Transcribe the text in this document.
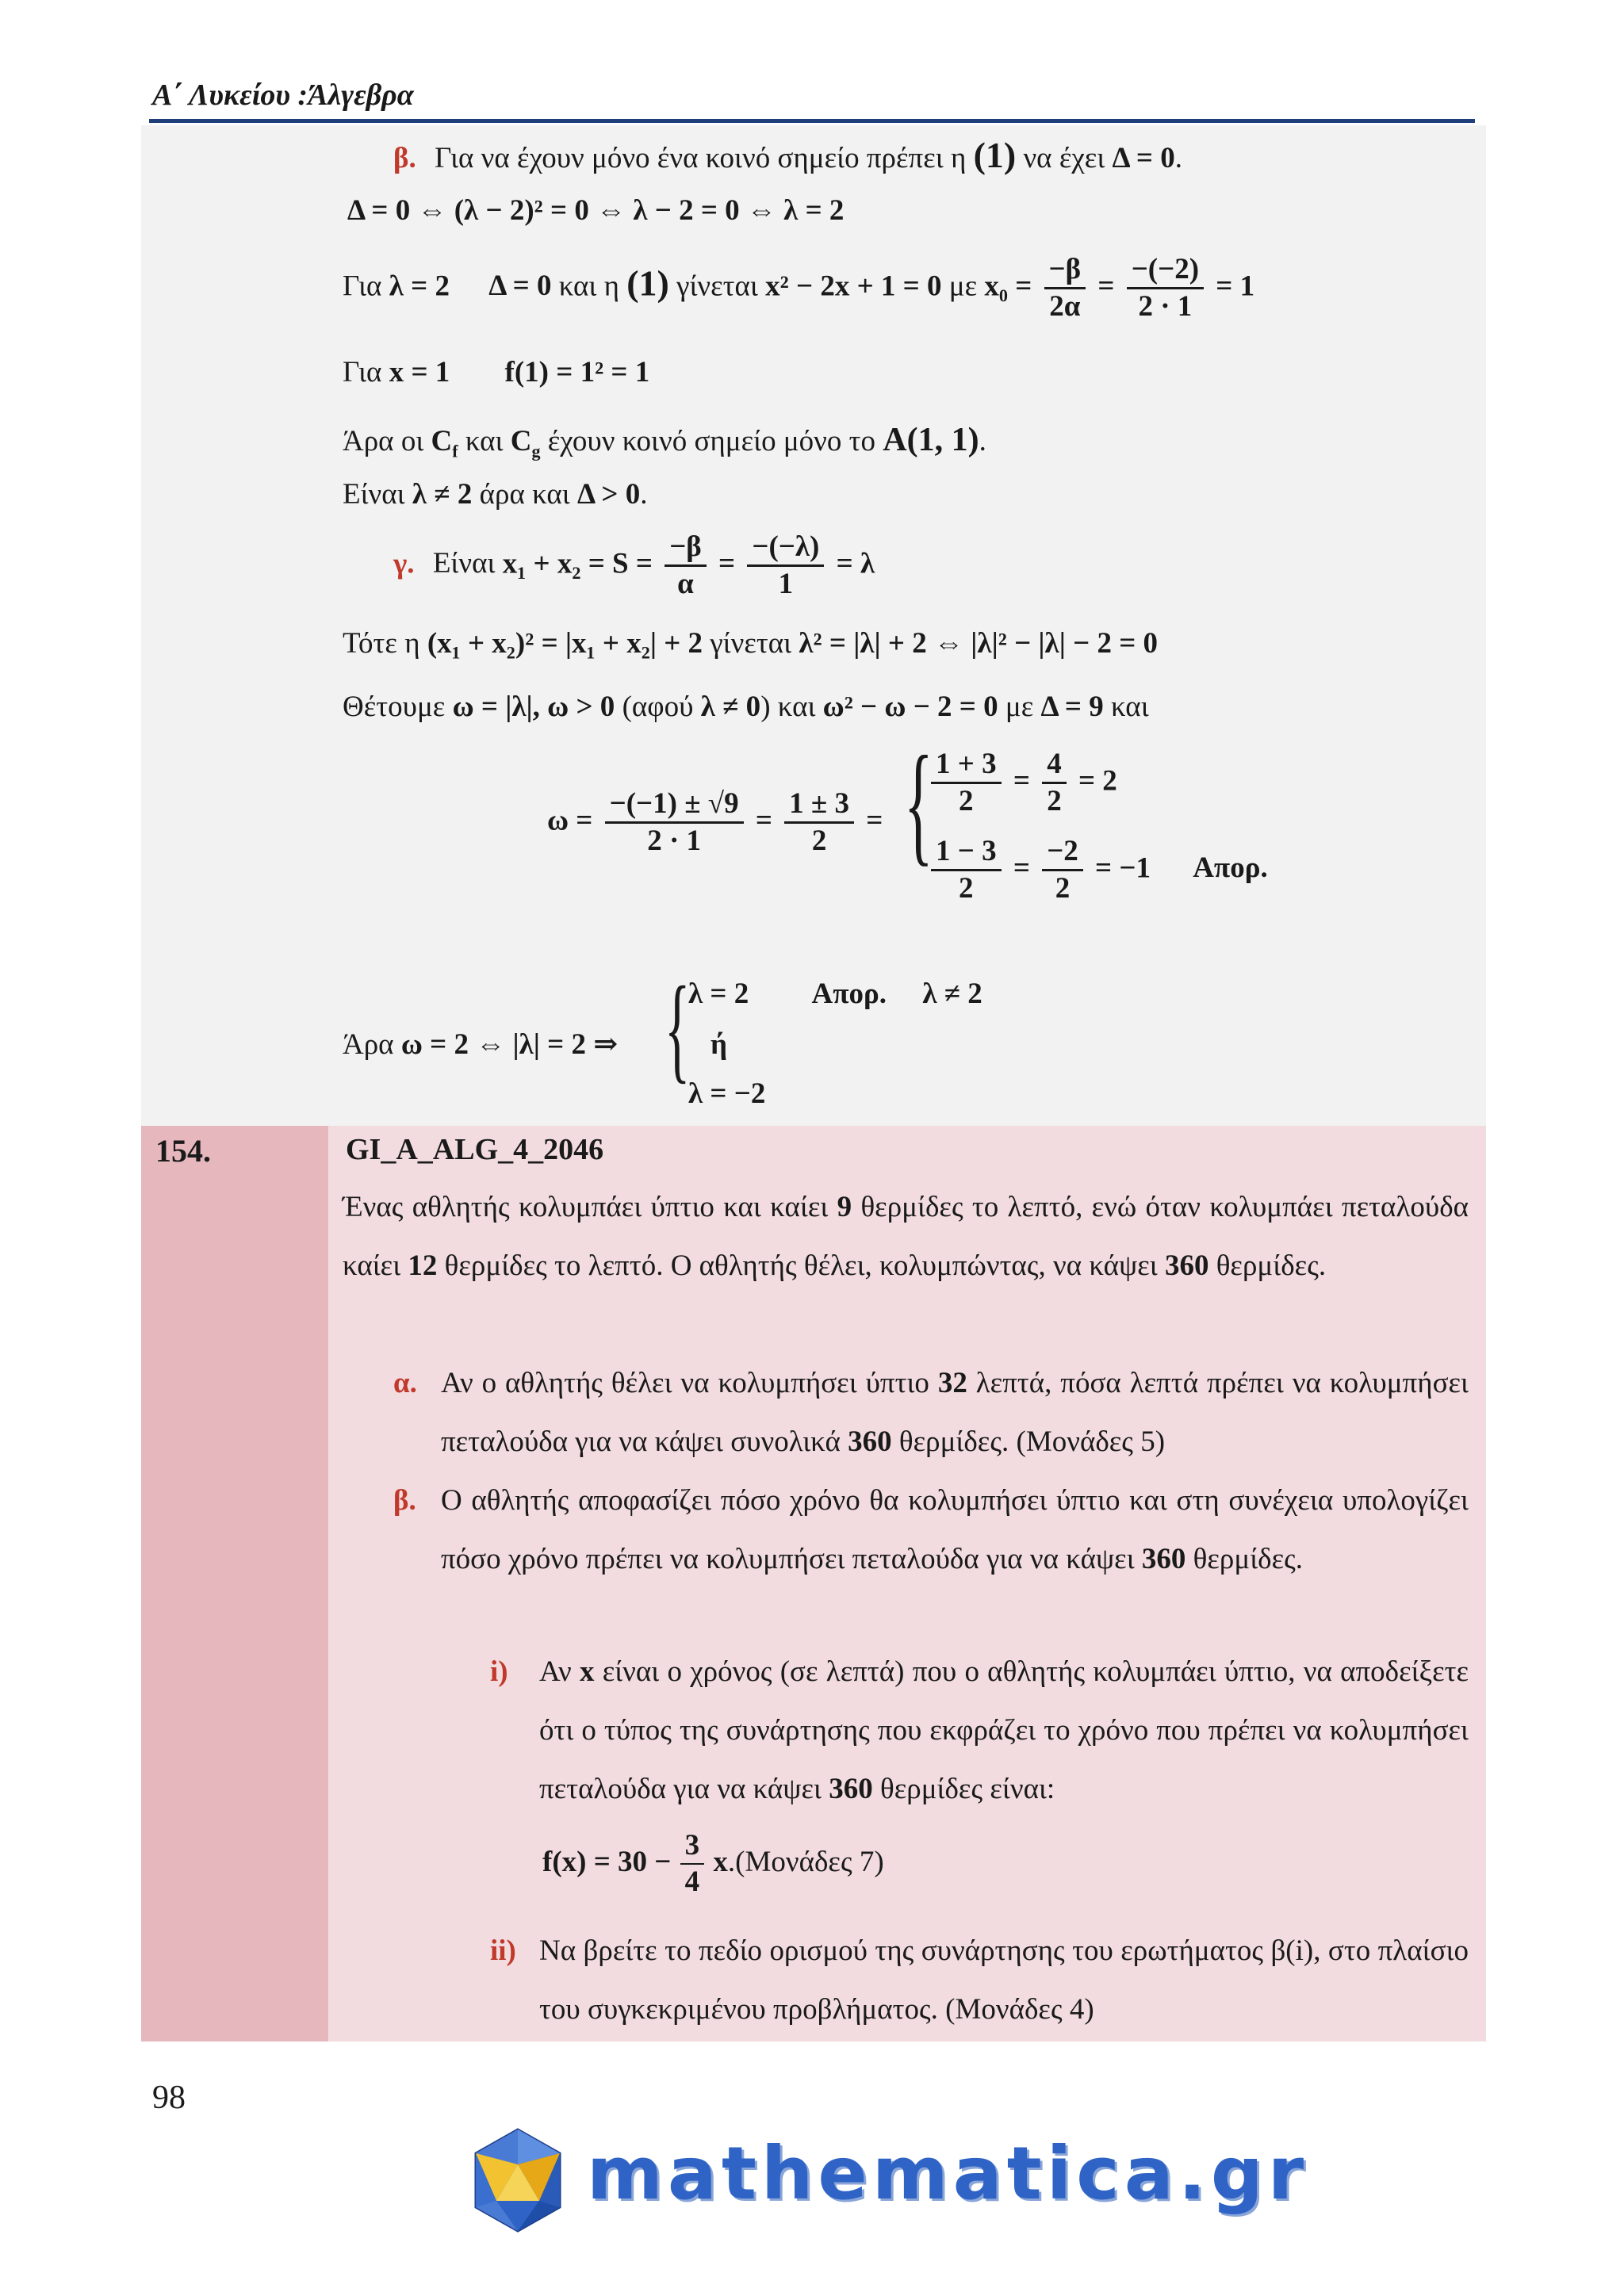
Α΄ Λυκείου :Άλγεβρα
β. Για να έχουν μόνο ένα κοινό σημείο πρέπει η (1) να έχει Δ = 0.
Δ = 0 ⇔ (λ − 2)² = 0 ⇔ λ − 2 = 0 ⇔ λ = 2
Για λ = 2 Δ = 0 και η (1) γίνεται x² − 2x + 1 = 0 με $x_0 = \frac{-\beta}{2\alpha} = \frac{-(-2)}{2 \cdot 1} = 1$
Για x = 1 f(1) = 1² = 1
Άρα οι $C_f$ και $C_g$ έχουν κοινό σημείο μόνο το A(1, 1).
Είναι λ ≠ 2 άρα και Δ > 0.
γ. Είναι $x_1 + x_2 = S = \frac{-\beta}{\alpha} = \frac{-(-\lambda)}{1} = \lambda$
Τότε η (x₁ + x₂)² = |x₁ + x₂| + 2 γίνεται λ² = |λ| + 2 ⇔ |λ|² − |λ| − 2 = 0
Θέτουμε ω = |λ|, ω > 0 (αφού λ ≠ 0) και ω² − ω − 2 = 0 με Δ = 9 και
$\omega = \frac{-(-1) \pm √9}{2 \cdot 1} = \frac{1 \pm 3}{2}$ = {
$\frac{1 + 3}{2} = \frac{4}{2} = 2$
$\frac{1 - 3}{2} = \frac{-2}{2} = -1$ Απορ.
Άρα ω = 2 ⇔ |λ| = 2 ⇒ {
λ = 2 Απορ. λ ≠ 2
ή
λ = −2
154.	GI_A_ALG_4_2046
Ένας αθλητής κολυμπάει ύπτιο και καίει 9 θερμίδες το λεπτό, ενώ όταν κολυμπάει πεταλούδα καίει 12 θερμίδες το λεπτό. Ο αθλητής θέλει, κολυμπώντας, να κάψει 360 θερμίδες.
α. Αν ο αθλητής θέλει να κολυμπήσει ύπτιο 32 λεπτά, πόσα λεπτά πρέπει να κολυμπήσει πεταλούδα για να κάψει συνολικά 360 θερμίδες. (Μονάδες 5)
β. Ο αθλητής αποφασίζει πόσο χρόνο θα κολυμπήσει ύπτιο και στη συνέχεια υπολογίζει πόσο χρόνο πρέπει να κολυμπήσει πεταλούδα για να κάψει 360 θερμίδες.
i)	Αν x είναι ο χρόνος (σε λεπτά) που ο αθλητής κολυμπάει ύπτιο, να αποδείξετε ότι ο τύπος της συνάρτησης που εκφράζει το χρόνο που πρέπει να κολυμπήσει πεταλούδα για να κάψει 360 θερμίδες είναι:
$f(x) = 30 - \frac{3}{4} x.(Mo\nu ά\delta\varepsilon\varsigma$ 7)
ii) Να βρείτε το πεδίο ορισμού της συνάρτησης του ερωτήματος β(i), στο πλαίσιο του συγκεκριμένου προβλήματος. (Μονάδες 4)
98
mathematica.gr
